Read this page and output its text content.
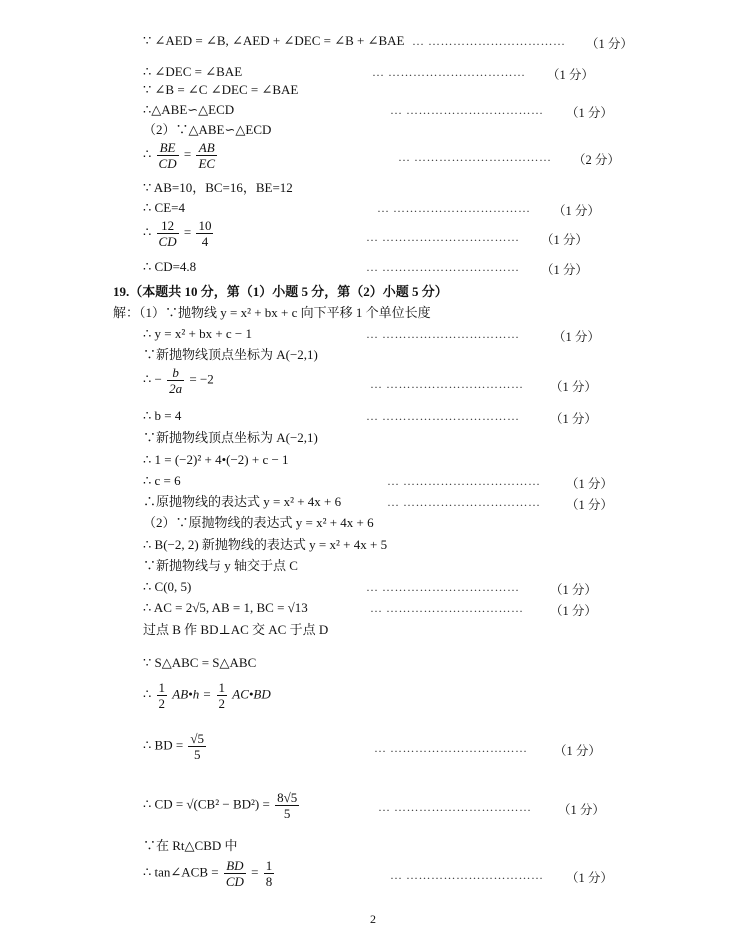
∵ ∠AED = ∠B, ∠AED + ∠DEC = ∠B + ∠BAE … …………………………… （1 分）
∴ ∠DEC = ∠BAE	… …………………………… （1 分）
∵ ∠B = ∠C ∠DEC = ∠BAE
∴△ABE∽△ECD	… …………………………… （1 分）
（2）∵△ABE∽△ECD
∴ $\frac{BE}{CD} = \frac{AB}{EC}$	… …………………………… （2 分）
∵ AB=10，BC=16，BE=12
∴ CE=4	… …………………………… （1 分）
∴ $\frac{12}{CD} = \frac{10}{4}$	… …………………………… （1 分）
∴ CD=4.8	… …………………………… （1 分）
19.（本题共 10 分，第（1）小题 5 分，第（2）小题 5 分）
解：（1）∵抛物线 y = x² + bx + c 向下平移 1 个单位长度
∴ y = x² + bx + c − 1	… ……………………………	（1 分）
∵新抛物线顶点坐标为 A(−2,1)
∴ − $\frac{b}{2a} = -2$	… …………………………… （1 分）
∴ b = 4	… …………………………… （1 分）
∵新抛物线顶点坐标为 A(−2,1)
∴ 1 = (−2)² + 4•(−2) + c − 1
∴ c = 6	… …………………………… （1 分）
∴原抛物线的表达式 y = x² + 4x + 6	… …………………………… （1 分）
（2）∵原抛物线的表达式 y = x² + 4x + 6
∴ B(−2, 2) 新抛物线的表达式 y = x² + 4x + 5
∵新抛物线与 y 轴交于点 C
∴ C(0, 5)	… …………………………… （1 分）
∴ AC = 2√5, AB = 1, BC = √13	… …………………………… （1 分）
过点 B 作 BD⊥AC 交 AC 于点 D
∵ S△ABC = S△ABC
∴ $\frac{1}{2}$ AB•h = $\frac{1}{2}$ AC•BD
∴ BD = $\frac{√5}{5}$	… …………………………… （1 分）
∴ CD = $√(CB^2 - BD^2) = \frac{8√5}{5}$	… …………………………… （1 分）
∵在 Rt△CBD 中
∴ tan∠ACB = $\frac{BD}{CD} = \frac{1}{8}$	… …………………………… （1 分）
2
